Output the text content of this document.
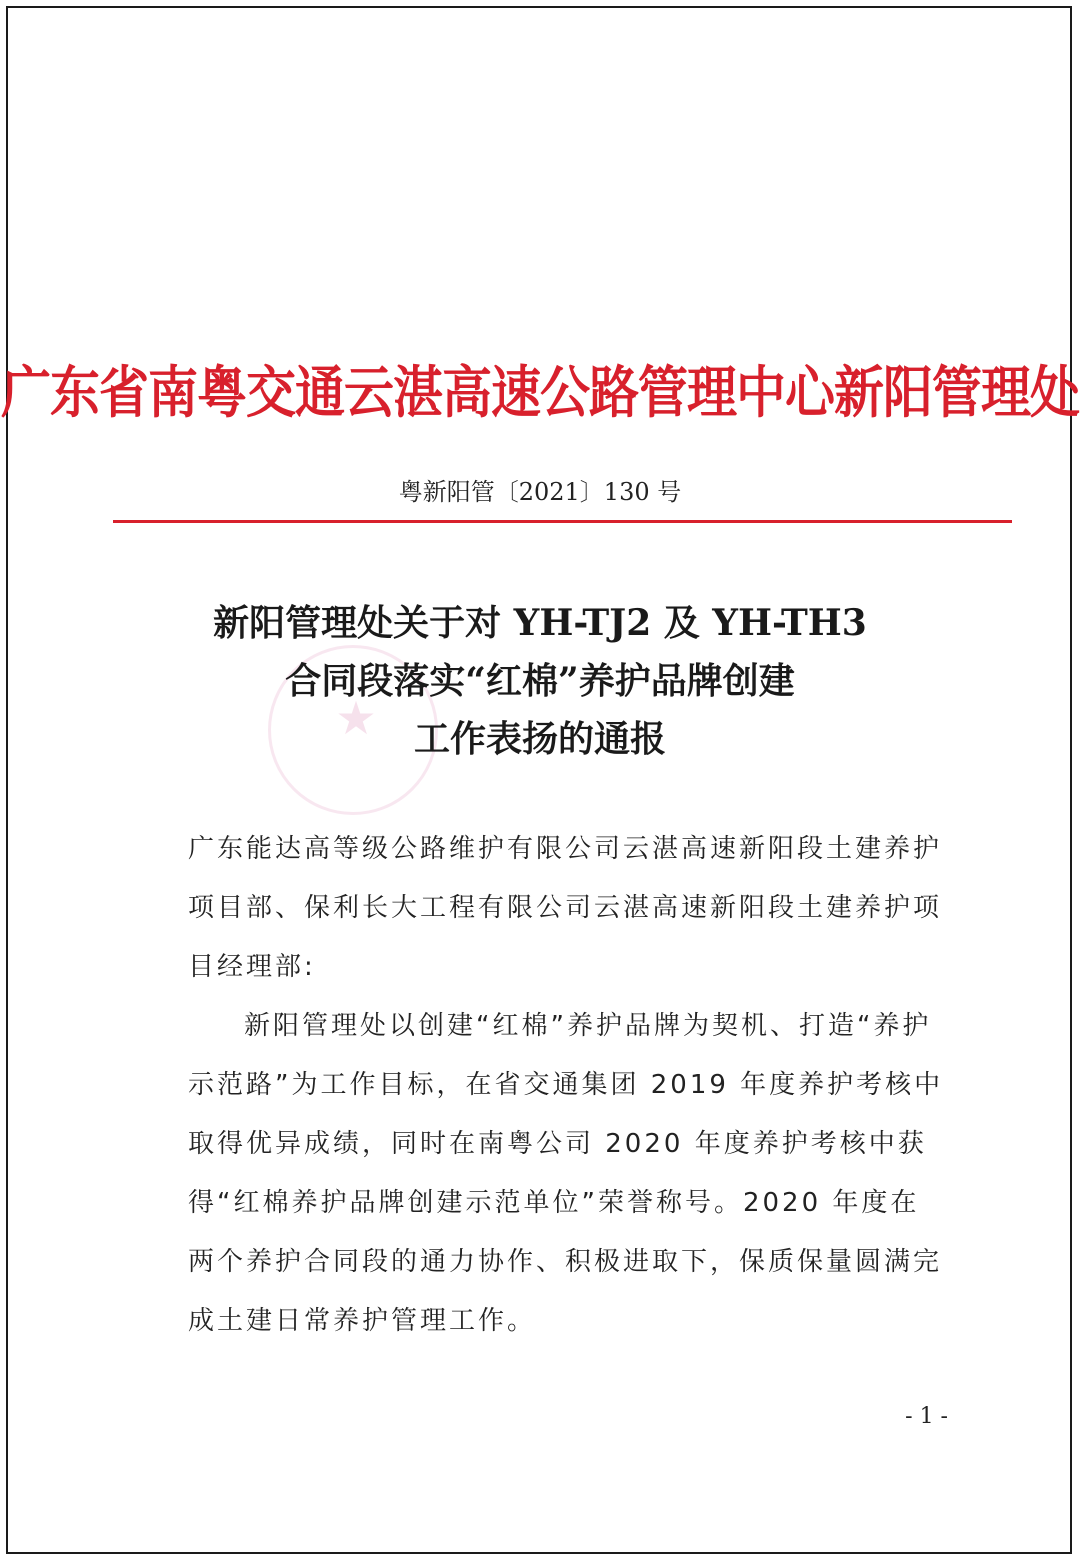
广东省南粤交通云湛高速公路管理中心新阳管理处
粤新阳管〔2021〕130 号
★
新阳管理处关于对 YH-TJ2 及 YH-TH3
合同段落实“红棉”养护品牌创建
工作表扬的通报

广东能达高等级公路维护有限公司云湛高速新阳段土建养护项目部、保利长大工程有限公司云湛高速新阳段土建养护项目经理部:

新阳管理处以创建“红棉”养护品牌为契机、打造“养护示范路”为工作目标，在省交通集团 2019 年度养护考核中取得优异成绩，同时在南粤公司 2020 年度养护考核中获得“红棉养护品牌创建示范单位”荣誉称号。2020 年度在两个养护合同段的通力协作、积极进取下，保质保量圆满完成土建日常养护管理工作。

- 1 -
